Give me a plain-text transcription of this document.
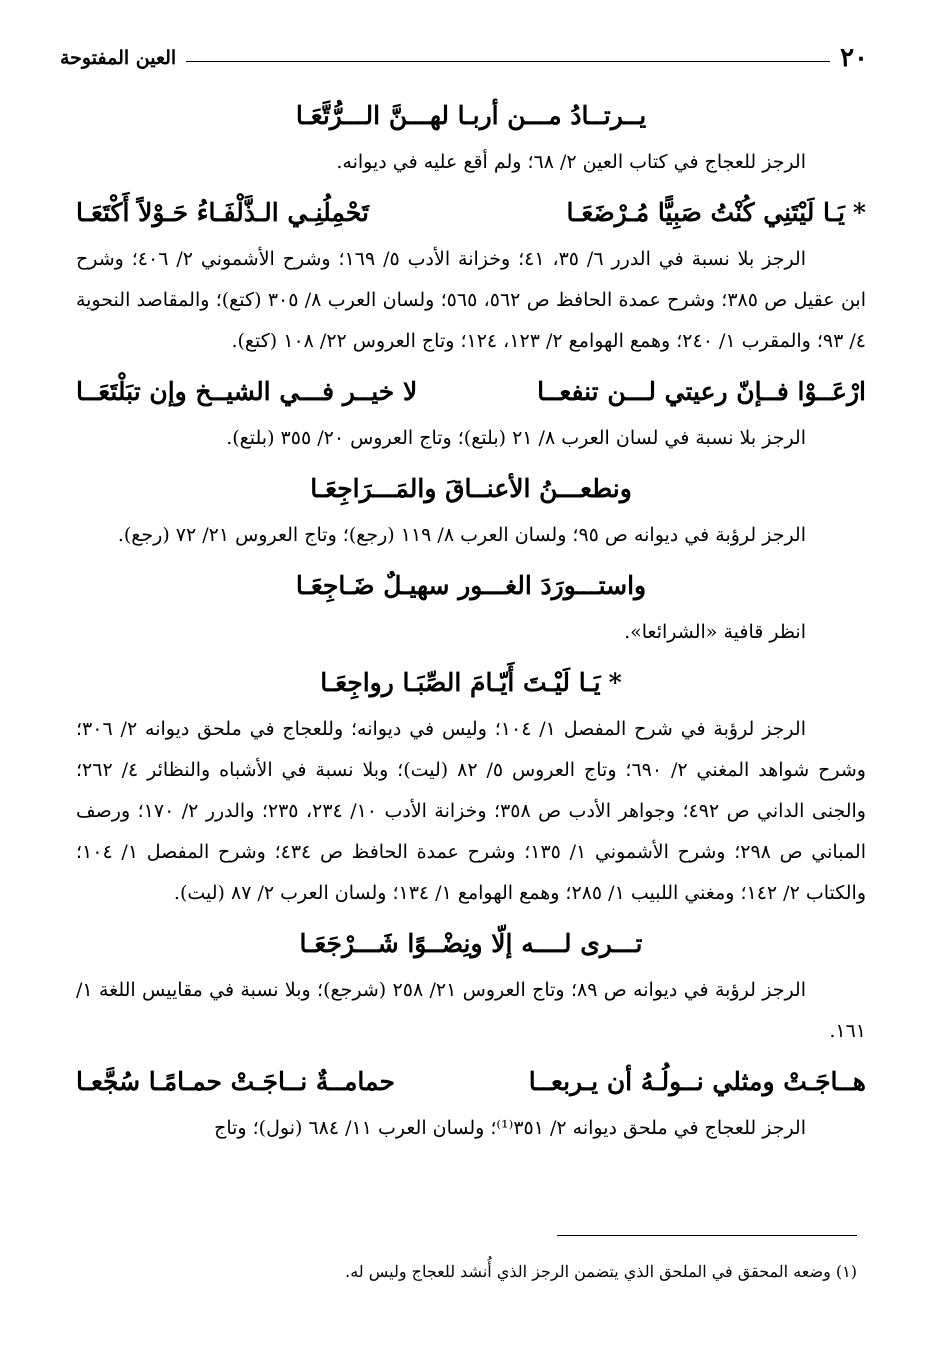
٢٠
العين المفتوحة
يــرتــادُ مـــن أربـا لهـــنَّ الـــرُّتَّعَـا
الرجز للعجاج في كتاب العين ٢/ ٦٨؛ ولم أقع عليه في ديوانه.
*يَـا لَيْتَنِي كُنْتُ صَبِيًّا مُـرْضَعَـا
تَحْمِلُنِـي الـذَّلْفَـاءُ حَـوْلاً أَكْتَعَـا
الرجز بلا نسبة في الدرر ٦/ ٣٥، ٤١؛ وخزانة الأدب ٥/ ١٦٩؛ وشرح الأشموني ٢/ ٤٠٦؛ وشرح ابن عقيل ص ٣٨٥؛ وشرح عمدة الحافظ ص ٥٦٢، ٥٦٥؛ ولسان العرب ٨/ ٣٠٥ (كتع)؛ والمقاصد النحوية ٤/ ٩٣؛ والمقرب ١/ ٢٤٠؛ وهمع الهوامع ٢/ ١٢٣، ١٢٤؛ وتاج العروس ٢٢/ ١٠٨ (كتع).
ارْعَــوْا فــإنّ رعيتي لـــن تنفعــا
لا خيــر فـــي الشيــخ وإن تبَلْتَعَــا
الرجز بلا نسبة في لسان العرب ٨/ ٢١ (بلتع)؛ وتاج العروس ٢٠/ ٣٥٥ (بلتع).
ونطعـــنُ الأعنــاقَ والمَـــرَاجِعَـا
الرجز لرؤبة في ديوانه ص ٩٥؛ ولسان العرب ٨/ ١١٩ (رجع)؛ وتاج العروس ٢١/ ٧٢ (رجع).
واستـــورَدَ الغـــور سهيـلٌ ضَـاجِعَـا
انظر قافية «الشرائعا».
*يَـا لَيْـتَ أَيّـامَ الصِّبَـا رواجِعَـا
الرجز لرؤبة في شرح المفصل ١/ ١٠٤؛ وليس في ديوانه؛ وللعجاج في ملحق ديوانه ٢/ ٣٠٦؛ وشرح شواهد المغني ٢/ ٦٩٠؛ وتاج العروس ٥/ ٨٢ (ليت)؛ وبلا نسبة في الأشباه والنظائر ٤/ ٢٦٢؛ والجنى الداني ص ٤٩٢؛ وجواهر الأدب ص ٣٥٨؛ وخزانة الأدب ١٠/ ٢٣٤، ٢٣٥؛ والدرر ٢/ ١٧٠؛ ورصف المباني ص ٢٩٨؛ وشرح الأشموني ١/ ١٣٥؛ وشرح عمدة الحافظ ص ٤٣٤؛ وشرح المفصل ١/ ١٠٤؛ والكتاب ٢/ ١٤٢؛ ومغني اللبيب ١/ ٢٨٥؛ وهمع الهوامع ١/ ١٣٤؛ ولسان العرب ٢/ ٨٧ (ليت).
تـــرى لــــه إلّا ونِضْــوًا شَـــرْجَعَـا
الرجز لرؤبة في ديوانه ص ٨٩؛ وتاج العروس ٢١/ ٢٥٨ (شرجع)؛ وبلا نسبة في مقاييس اللغة ١/ ١٦١.
هــاجَـتْ ومثلي نــولُـهُ أن يـربعــا
حمامــةٌ نــاجَـتْ حمـامًـا سُجَّعـا
الرجز للعجاج في ملحق ديوانه ٢/ ٣٥١⁽¹⁾؛ ولسان العرب ١١/ ٦٨٤ (نول)؛ وتاج
(١) وضعه المحقق في الملحق الذي يتضمن الرجز الذي أُنشد للعجاج وليس له.
